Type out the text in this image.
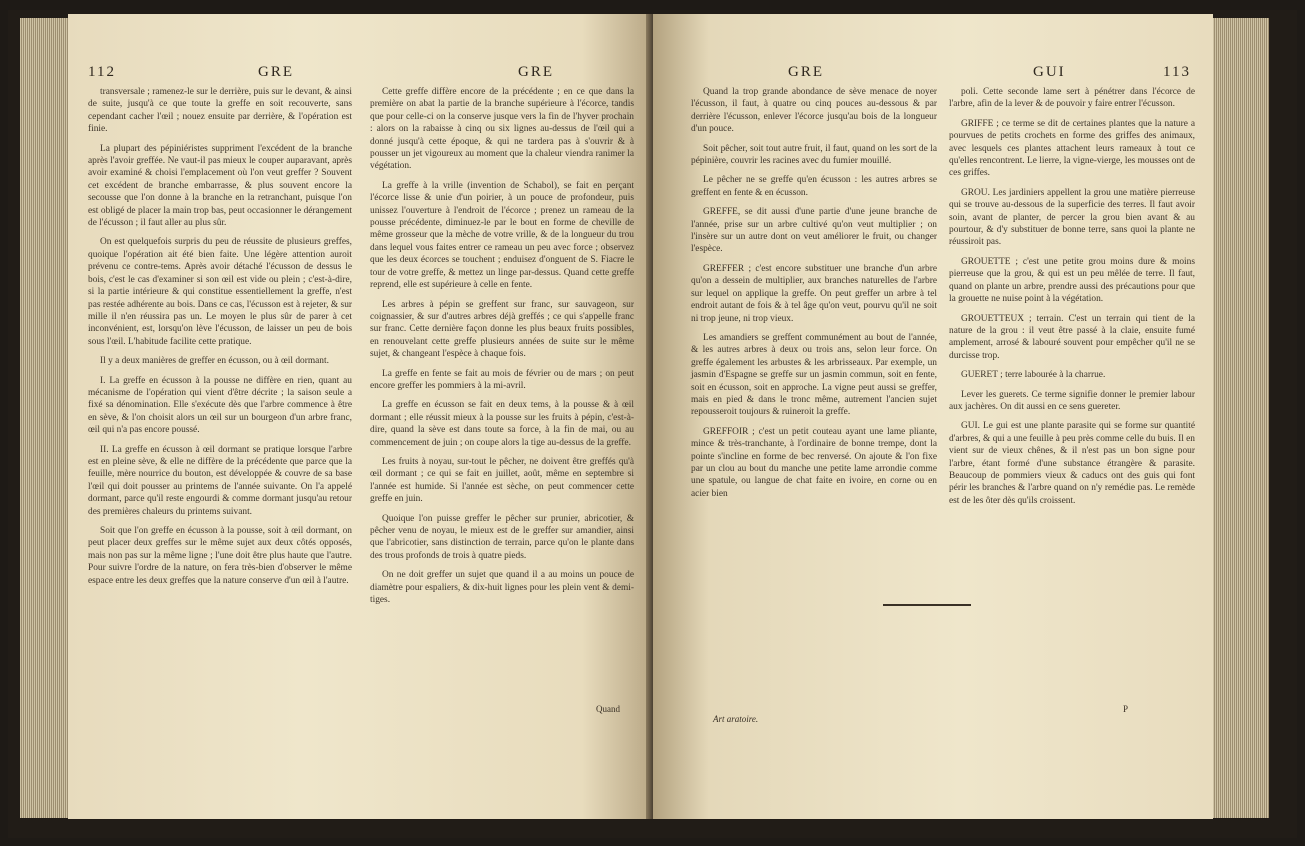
112	GRE	GRE

transversale ; ramenez-le sur le derrière, puis sur le devant, & ainsi de suite, jusqu'à ce que toute la greffe en soit recouverte, sans cependant cacher l'œil ; nouez ensuite par derrière, & l'opération est finie.

La plupart des pépiniéristes suppriment l'excédent de la branche après l'avoir greffée. Ne vaut-il pas mieux le couper auparavant, après avoir examiné & choisi l'emplacement où l'on veut greffer ? Souvent cet excédent de branche embarrasse, & plus souvent encore la secousse que l'on donne à la branche en la retranchant, puisque l'on est obligé de placer la main trop bas, peut occasionner le dérangement de l'écusson ; il faut aller au plus sûr.

On est quelquefois surpris du peu de réussite de plusieurs greffes, quoique l'opération ait été bien faite. Une légère attention auroit prévenu ce contre-tems. Après avoir détaché l'écusson de dessus le bois, c'est le cas d'examiner si son œil est vide ou plein ; c'est-à-dire, si la partie intérieure & qui constitue essentiellement la greffe, n'est pas restée adhérente au bois. Dans ce cas, l'écusson est à rejeter, & sur mille il n'en réussira pas un. Le moyen le plus sûr de parer à cet inconvénient, est, lorsqu'on lève l'écusson, de laisser un peu de bois sous l'œil. L'habitude facilite cette pratique.

Il y a deux manières de greffer en écusson, ou à œil dormant.

I. La greffe en écusson à la pousse ne diffère en rien, quant au mécanisme de l'opération qui vient d'être décrite ; la saison seule a fixé sa dénomination. Elle s'exécute dès que l'arbre commence à être en sève, & l'on choisit alors un œil sur un bourgeon d'un arbre franc, œil qui n'a pas encore poussé.

II. La greffe en écusson à œil dormant se pratique lorsque l'arbre est en pleine sève, & elle ne diffère de la précédente que parce que la feuille, mère nourrice du bouton, est développée & couvre de sa base l'œil qui doit pousser au printems de l'année suivante. On l'a appelé dormant, parce qu'il reste engourdi & comme dormant jusqu'au retour des premières chaleurs du printems suivant.

Soit que l'on greffe en écusson à la pousse, soit à œil dormant, on peut placer deux greffes sur le même sujet aux deux côtés opposés, mais non pas sur la même ligne ; l'une doit être plus haute que l'autre. Pour suivre l'ordre de la nature, on fera très-bien d'observer le même espace entre les deux greffes que la nature conserve d'un œil à l'autre.

Cette greffe diffère encore de la précédente ; en ce que dans la première on abat la partie de la branche supérieure à l'écorce, tandis que pour celle-ci on la conserve jusque vers la fin de l'hyver prochain : alors on la rabaisse à cinq ou six lignes au-dessus de l'œil qui a donné jusqu'à cette époque, & qui ne tardera pas à s'ouvrir & à pousser un jet vigoureux au moment que la chaleur viendra ranimer la végétation.

La greffe à la vrille (invention de Schabol), se fait en perçant l'écorce lisse & unie d'un poirier, à un pouce de profondeur, puis unissez l'ouverture à l'endroit de l'écorce ; prenez un rameau de la pousse précédente, diminuez-le par le bout en forme de cheville de même grosseur que la mèche de votre vrille, & de la longueur du trou dans lequel vous faites entrer ce rameau un peu avec force ; observez que les deux écorces se touchent ; enduisez d'onguent de S. Fiacre le tour de votre greffe, & mettez un linge par-dessus. Quand cette greffe reprend, elle est supérieure à celle en fente.

Les arbres à pépin se greffent sur franc, sur sauvageon, sur coignassier, & sur d'autres arbres déjà greffés ; ce qui s'appelle franc sur franc. Cette dernière façon donne les plus beaux fruits possibles, en renouvelant cette greffe plusieurs années de suite sur le même sujet, & changeant l'espèce à chaque fois.

La greffe en fente se fait au mois de février ou de mars ; on peut encore greffer les pommiers à la mi-avril.

La greffe en écusson se fait en deux tems, à la pousse & à œil dormant ; elle réussit mieux à la pousse sur les fruits à pépin, c'est-à-dire, quand la sève est dans toute sa force, à la fin de mai, ou au commencement de juin ; on coupe alors la tige au-dessus de la greffe.

Les fruits à noyau, sur-tout le pêcher, ne doivent être greffés qu'à œil dormant ; ce qui se fait en juillet, août, même en septembre si l'année est humide. Si l'année est sèche, on peut commencer cette greffe en juin.

Quoique l'on puisse greffer le pêcher sur prunier, abricotier, & pêcher venu de noyau, le mieux est de le greffer sur amandier, ainsi que l'abricotier, sans distinction de terrain, parce qu'on le plante dans des trous profonds de trois à quatre pieds.

On ne doit greffer un sujet que quand il a au moins un pouce de diamètre pour espaliers, & dix-huit lignes pour les plein vent & demi-tiges.

Quand
GRE	GUI	113

Quand la trop grande abondance de sève menace de noyer l'écusson, il faut, à quatre ou cinq pouces au-dessous & par derrière l'écusson, enlever l'écorce jusqu'au bois de la longueur d'un pouce.

Soit pêcher, soit tout autre fruit, il faut, quand on les sort de la pépinière, couvrir les racines avec du fumier mouillé.

Le pêcher ne se greffe qu'en écusson : les autres arbres se greffent en fente & en écusson.

GREFFE, se dit aussi d'une partie d'une jeune branche de l'année, prise sur un arbre cultivé qu'on veut multiplier ; on l'insère sur un autre dont on veut améliorer le fruit, ou changer l'espèce.

GREFFER ; c'est encore substituer une branche d'un arbre qu'on a dessein de multiplier, aux branches naturelles de l'arbre sur lequel on applique la greffe. On peut greffer un arbre à tel endroit autant de fois & à tel âge qu'on veut, pourvu qu'il ne soit ni trop jeune, ni trop vieux.

Les amandiers se greffent communément au bout de l'année, & les autres arbres à deux ou trois ans, selon leur force. On greffe également les arbustes & les arbrisseaux. Par exemple, un jasmin d'Espagne se greffe sur un jasmin commun, soit en fente, soit en écusson, soit en approche. La vigne peut aussi se greffer, mais en pied & dans le tronc même, autrement l'ancien sujet repousseroit toujours & ruineroit la greffe.

GREFFOIR ; c'est un petit couteau ayant une lame pliante, mince & très-tranchante, à l'ordinaire de bonne trempe, dont la pointe s'incline en forme de bec renversé. On ajoute & l'on fixe par un clou au bout du manche une petite lame arrondie comme une spatule, ou langue de chat faite en ivoire, en corne ou en acier bien

poli. Cette seconde lame sert à pénétrer dans l'écorce de l'arbre, afin de la lever & de pouvoir y faire entrer l'écusson.

GRIFFE ; ce terme se dit de certaines plantes que la nature a pourvues de petits crochets en forme des griffes des animaux, avec lesquels ces plantes attachent leurs rameaux à tout ce qu'elles rencontrent. Le lierre, la vigne-vierge, les mousses ont de ces griffes.

GROU. Les jardiniers appellent la grou une matière pierreuse qui se trouve au-dessous de la superficie des terres. Il faut avoir soin, avant de planter, de percer la grou bien avant & au pourtour, & d'y substituer de bonne terre, sans quoi la plante ne réussiroit pas.

GROUETTE ; c'est une petite grou moins dure & moins pierreuse que la grou, & qui est un peu mêlée de terre. Il faut, quand on plante un arbre, prendre aussi des précautions pour que la grouette ne nuise point à la végétation.

GROUETTEUX ; terrain. C'est un terrain qui tient de la nature de la grou : il veut être passé à la claie, ensuite fumé amplement, arrosé & labouré souvent pour empêcher qu'il ne se durcisse trop.

GUERET ; terre labourée à la charrue.

Lever les guerets. Ce terme signifie donner le premier labour aux jachères. On dit aussi en ce sens guereter.

GUI. Le gui est une plante parasite qui se forme sur quantité d'arbres, & qui a une feuille à peu près comme celle du buis. Il en vient sur de vieux chênes, & il n'est pas un bon signe pour l'arbre, étant formé d'une substance étrangère & parasite. Beaucoup de pommiers vieux & caducs ont des guis qui font périr les branches & l'arbre quand on n'y remédie pas. Le remède est de les ôter dès qu'ils croissent.

Art aratoire.
P
